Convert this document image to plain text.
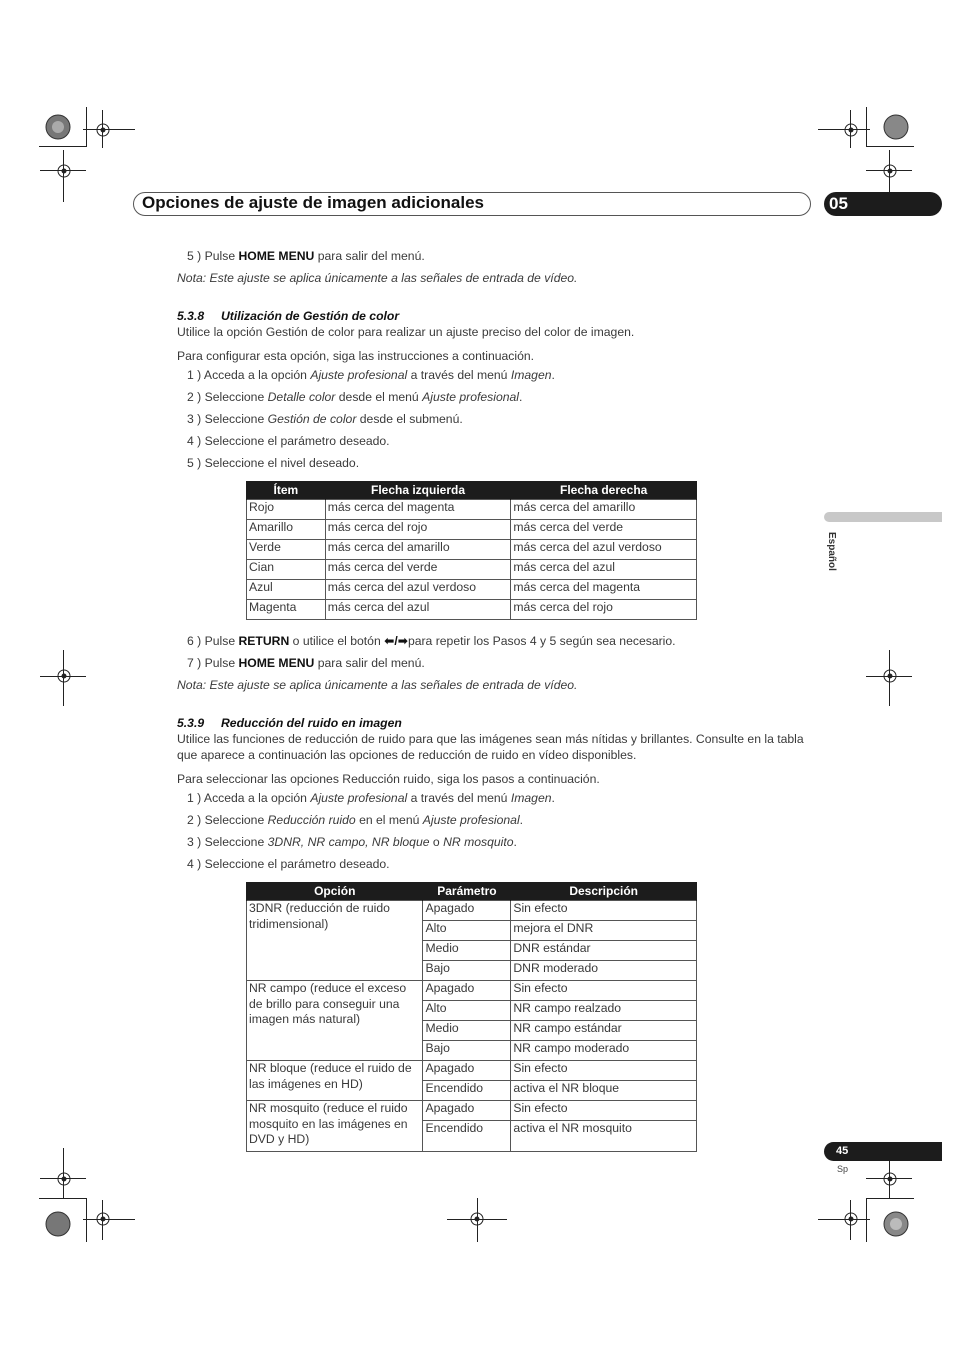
Opciones de ajuste de imagen adicionales	05
Español
5 ) Pulse HOME MENU para salir del menú.
Nota: Este ajuste se aplica únicamente a las señales de entrada de vídeo.
5.3.8 Utilización de Gestión de color
Utilice la opción Gestión de color para realizar un ajuste preciso del color de imagen.
Para configurar esta opción, siga las instrucciones a continuación.
1 ) Acceda a la opción Ajuste profesional a través del menú Imagen.
2 ) Seleccione Detalle color desde el menú Ajuste profesional.
3 ) Seleccione Gestión de color desde el submenú.
4 ) Seleccione el parámetro deseado.
5 ) Seleccione el nivel deseado.
Ítem	Flecha izquierda	Flecha derecha
Rojo	más cerca del magenta	más cerca del amarillo
Amarillo	más cerca del rojo	más cerca del verde
Verde	más cerca del amarillo	más cerca del azul verdoso
Cian	más cerca del verde	más cerca del azul
Azul	más cerca del azul verdoso	más cerca del magenta
Magenta	más cerca del azul	más cerca del rojo
6 ) Pulse RETURN o utilice el botón ⬅/➡para repetir los Pasos 4 y 5 según sea necesario.
7 ) Pulse HOME MENU para salir del menú.
Nota: Este ajuste se aplica únicamente a las señales de entrada de vídeo.
5.3.9 Reducción del ruido en imagen
Utilice las funciones de reducción de ruido para que las imágenes sean más nítidas y brillantes. Consulte en la tabla que aparece a continuación las opciones de reducción de ruido en vídeo disponibles.
Para seleccionar las opciones Reducción ruido, siga los pasos a continuación.
1 ) Acceda a la opción Ajuste profesional a través del menú Imagen.
2 ) Seleccione Reducción ruido en el menú Ajuste profesional.
3 ) Seleccione 3DNR, NR campo, NR bloque o NR mosquito.
4 ) Seleccione el parámetro deseado.
Opción	Parámetro	Descripción
3DNR (reducción de ruido tridimensional)	Apagado	Sin efecto
	Alto	mejora el DNR
	Medio	DNR estándar
	Bajo	DNR moderado
NR campo (reduce el exceso de brillo para conseguir una imagen más natural)	Apagado	Sin efecto
	Alto	NR campo realzado
	Medio	NR campo estándar
	Bajo	NR campo moderado
NR bloque (reduce el ruido de las imágenes en HD)	Apagado	Sin efecto
	Encendido	activa el NR bloque
NR mosquito (reduce el ruido mosquito en las imágenes en DVD y HD)	Apagado	Sin efecto
	Encendido	activa el NR mosquito
45
Sp
